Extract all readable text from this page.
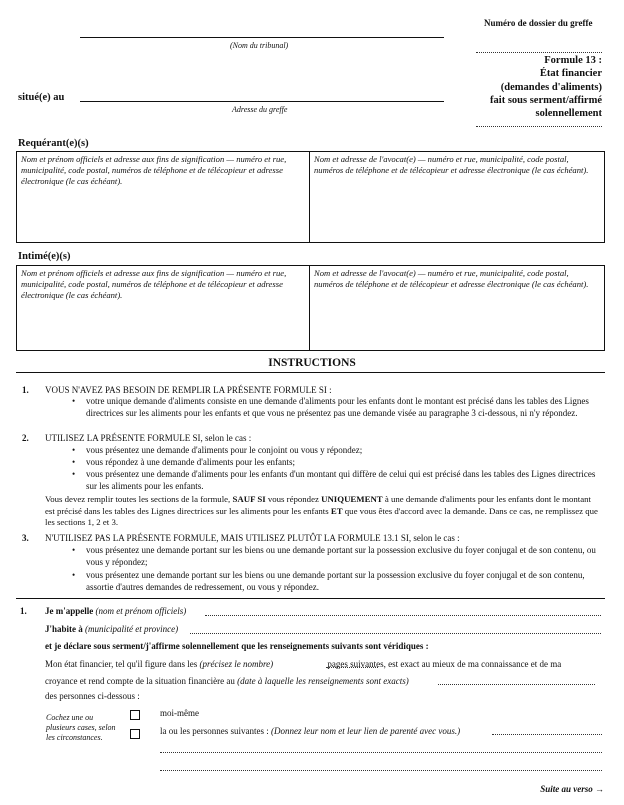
Numéro de dossier du greffe
(Nom du tribunal)
Formule 13 :
État financier
(demandes d'aliments)
fait sous serment/affirmé
solennellement
situé(e) au
Adresse du greffe
Requérant(e)(s)
Nom et prénom officiels et adresse aux fins de signification — numéro et rue, municipalité, code postal, numéros de téléphone et de télécopieur et adresse électronique (le cas échéant).
Nom et adresse de l'avocat(e) — numéro et rue, municipalité, code postal, numéros de téléphone et de télécopieur et adresse électronique (le cas échéant).
Intimé(e)(s)
Nom et prénom officiels et adresse aux fins de signification — numéro et rue, municipalité, code postal, numéros de téléphone et de télécopieur et adresse électronique (le cas échéant).
Nom et adresse de l'avocat(e) — numéro et rue, municipalité, code postal, numéros de téléphone et de télécopieur et adresse électronique (le cas échéant).
INSTRUCTIONS
1. VOUS N'AVEZ PAS BESOIN DE REMPLIR LA PRÉSENTE FORMULE SI :
• votre unique demande d'aliments consiste en une demande d'aliments pour les enfants dont le montant est précisé dans les tables des Lignes directrices sur les aliments pour les enfants et que vous ne présentez pas une demande visée au paragraphe 3 ci-dessous, ni n'y répondez.
2. UTILISEZ LA PRÉSENTE FORMULE SI, selon le cas :
• vous présentez une demande d'aliments pour le conjoint ou vous y répondez;
• vous répondez à une demande d'aliments pour les enfants;
• vous présentez une demande d'aliments pour les enfants d'un montant qui diffère de celui qui est précisé dans les tables des Lignes directrices sur les aliments pour les enfants.
Vous devez remplir toutes les sections de la formule, SAUF SI vous répondez UNIQUEMENT à une demande d'aliments pour les enfants dont le montant est précisé dans les tables des Lignes directrices sur les aliments pour les enfants ET que vous êtes d'accord avec la demande. Dans ce cas, ne remplissez que les sections 1, 2 et 3.
3. N'UTILISEZ PAS LA PRÉSENTE FORMULE, MAIS UTILISEZ PLUTÔT LA FORMULE 13.1 SI, selon le cas :
• vous présentez une demande portant sur les biens ou une demande portant sur la possession exclusive du foyer conjugal et de son contenu, ou vous y répondez;
• vous présentez une demande portant sur les biens ou une demande portant sur la possession exclusive du foyer conjugal et de son contenu, assortie d'autres demandes de redressement, ou vous y répondez.
1. Je m'appelle (nom et prénom officiels)
J'habite à (municipalité et province)
et je déclare sous serment/j'affirme solennellement que les renseignements suivants sont véridiques :
Mon état financier, tel qu'il figure dans les (précisez le nombre)	pages suivantes, est exact au mieux de ma connaissance et de ma
croyance et rend compte de la situation financière au (date à laquelle les renseignements sont exacts)
des personnes ci-dessous :
Cochez une ou plusieurs cases, selon les circonstances.
moi-même
la ou les personnes suivantes : (Donnez leur nom et leur lien de parenté avec vous.)
Suite au verso →
